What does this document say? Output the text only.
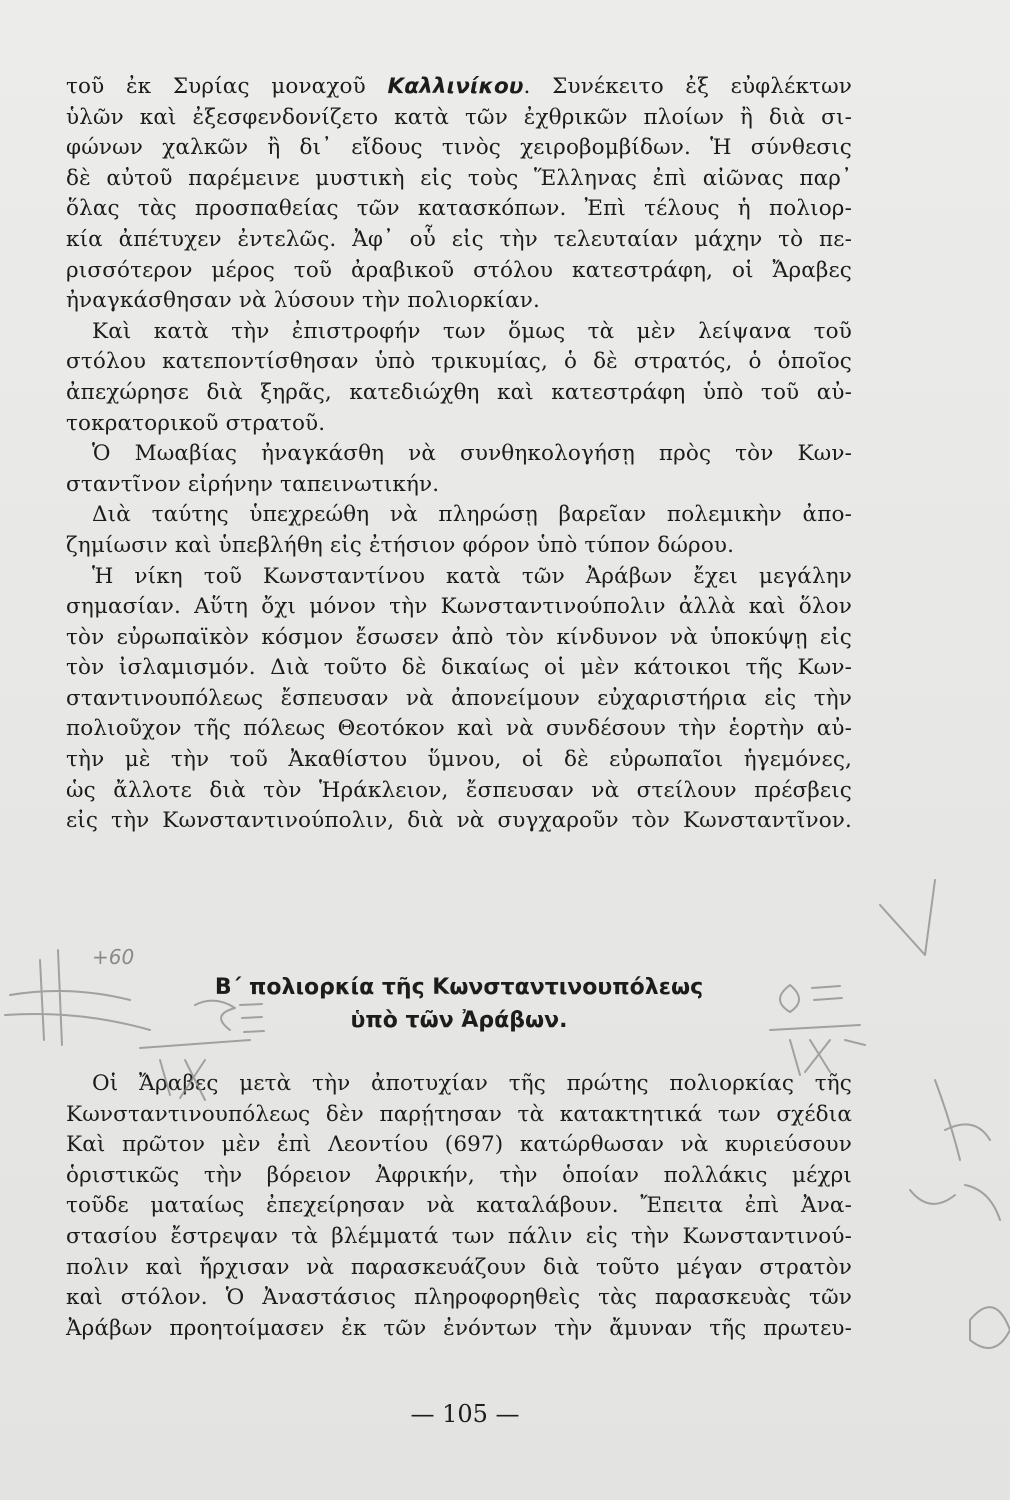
τοῦ ἐκ Συρίας μοναχοῦ Καλλινίκου. Συνέκειτο ἐξ εὐφλέκτων
ὑλῶν καὶ ἐξεσφενδονίζετο κατὰ τῶν ἐχθρικῶν πλοίων ἢ διὰ σι-
φώνων χαλκῶν ἢ δι᾽ εἴδους τινὸς χειροβομβίδων. Ἡ σύνθεσις
δὲ αὐτοῦ παρέμεινε μυστικὴ εἰς τοὺς Ἕλληνας ἐπὶ αἰῶνας παρ᾽
ὅλας τὰς προσπαθείας τῶν κατασκόπων. Ἐπὶ τέλους ἡ πολιορ-
κία ἀπέτυχεν ἐντελῶς. Ἀφ᾽ οὗ εἰς τὴν τελευταίαν μάχην τὸ πε-
ρισσότερον μέρος τοῦ ἀραβικοῦ στόλου κατεστράφη, οἱ Ἄραβες
ἠναγκάσθησαν νὰ λύσουν τὴν πολιορκίαν.
Καὶ κατὰ τὴν ἐπιστροφήν των ὅμως τὰ μὲν λείψανα τοῦ
στόλου κατεποντίσθησαν ὑπὸ τρικυμίας, ὁ δὲ στρατός, ὁ ὁποῖος
ἀπεχώρησε διὰ ξηρᾶς, κατεδιώχθη καὶ κατεστράφη ὑπὸ τοῦ αὐ-
τοκρατορικοῦ στρατοῦ.
Ὁ Μωαβίας ἠναγκάσθη νὰ συνθηκολογήσῃ πρὸς τὸν Κων-
σταντῖνον εἰρήνην ταπεινωτικήν.
Διὰ ταύτης ὑπεχρεώθη νὰ πληρώσῃ βαρεῖαν πολεμικὴν ἀπο-
ζημίωσιν καὶ ὑπεβλήθη εἰς ἐτήσιον φόρον ὑπὸ τύπον δώρου.
Ἡ νίκη τοῦ Κωνσταντίνου κατὰ τῶν Ἀράβων ἔχει μεγάλην
σημασίαν. Αὕτη ὄχι μόνον τὴν Κωνσταντινούπολιν ἀλλὰ καὶ ὅλον
τὸν εὐρωπαϊκὸν κόσμον ἔσωσεν ἀπὸ τὸν κίνδυνον νὰ ὑποκύψῃ εἰς
τὸν ἰσλαμισμόν. Διὰ τοῦτο δὲ δικαίως οἱ μὲν κάτοικοι τῆς Κων-
σταντινουπόλεως ἔσπευσαν νὰ ἀπονείμουν εὐχαριστήρια εἰς τὴν
πολιοῦχον τῆς πόλεως Θεοτόκον καὶ νὰ συνδέσουν τὴν ἑορτὴν αὐ-
τὴν μὲ τὴν τοῦ Ἀκαθίστου ὕμνου, οἱ δὲ εὐρωπαῖοι ἡγεμόνες,
ὡς ἄλλοτε διὰ τὸν Ἡράκλειον, ἔσπευσαν νὰ στείλουν πρέσβεις
εἰς τὴν Κωνσταντινούπολιν, διὰ νὰ συγχαροῦν τὸν Κωνσταντῖνον.
Β΄ πολιορκία τῆς Κωνσταντινουπόλεως
ὑπὸ τῶν Ἀράβων.
Οἱ Ἄραβες μετὰ τὴν ἀποτυχίαν τῆς πρώτης πολιορκίας τῆς
Κωνσταντινουπόλεως δὲν παρῄτησαν τὰ κατακτητικά των σχέδια
Καὶ πρῶτον μὲν ἐπὶ Λεοντίου (697) κατώρθωσαν νὰ κυριεύσουν
ὁριστικῶς τὴν βόρειον Ἀφρικήν, τὴν ὁποίαν πολλάκις μέχρι
τοῦδε ματαίως ἐπεχείρησαν νὰ καταλάβουν. Ἔπειτα ἐπὶ Ἀνα-
στασίου ἔστρεψαν τὰ βλέμματά των πάλιν εἰς τὴν Κωνσταντινού-
πολιν καὶ ἤρχισαν νὰ παρασκευάζουν διὰ τοῦτο μέγαν στρατὸν
καὶ στόλον. Ὁ Ἀναστάσιος πληροφορηθεὶς τὰς παρασκευὰς τῶν
Ἀράβων προητοίμασεν ἐκ τῶν ἐνόντων τὴν ἄμυναν τῆς πρωτευ-
— 105 —
+60
